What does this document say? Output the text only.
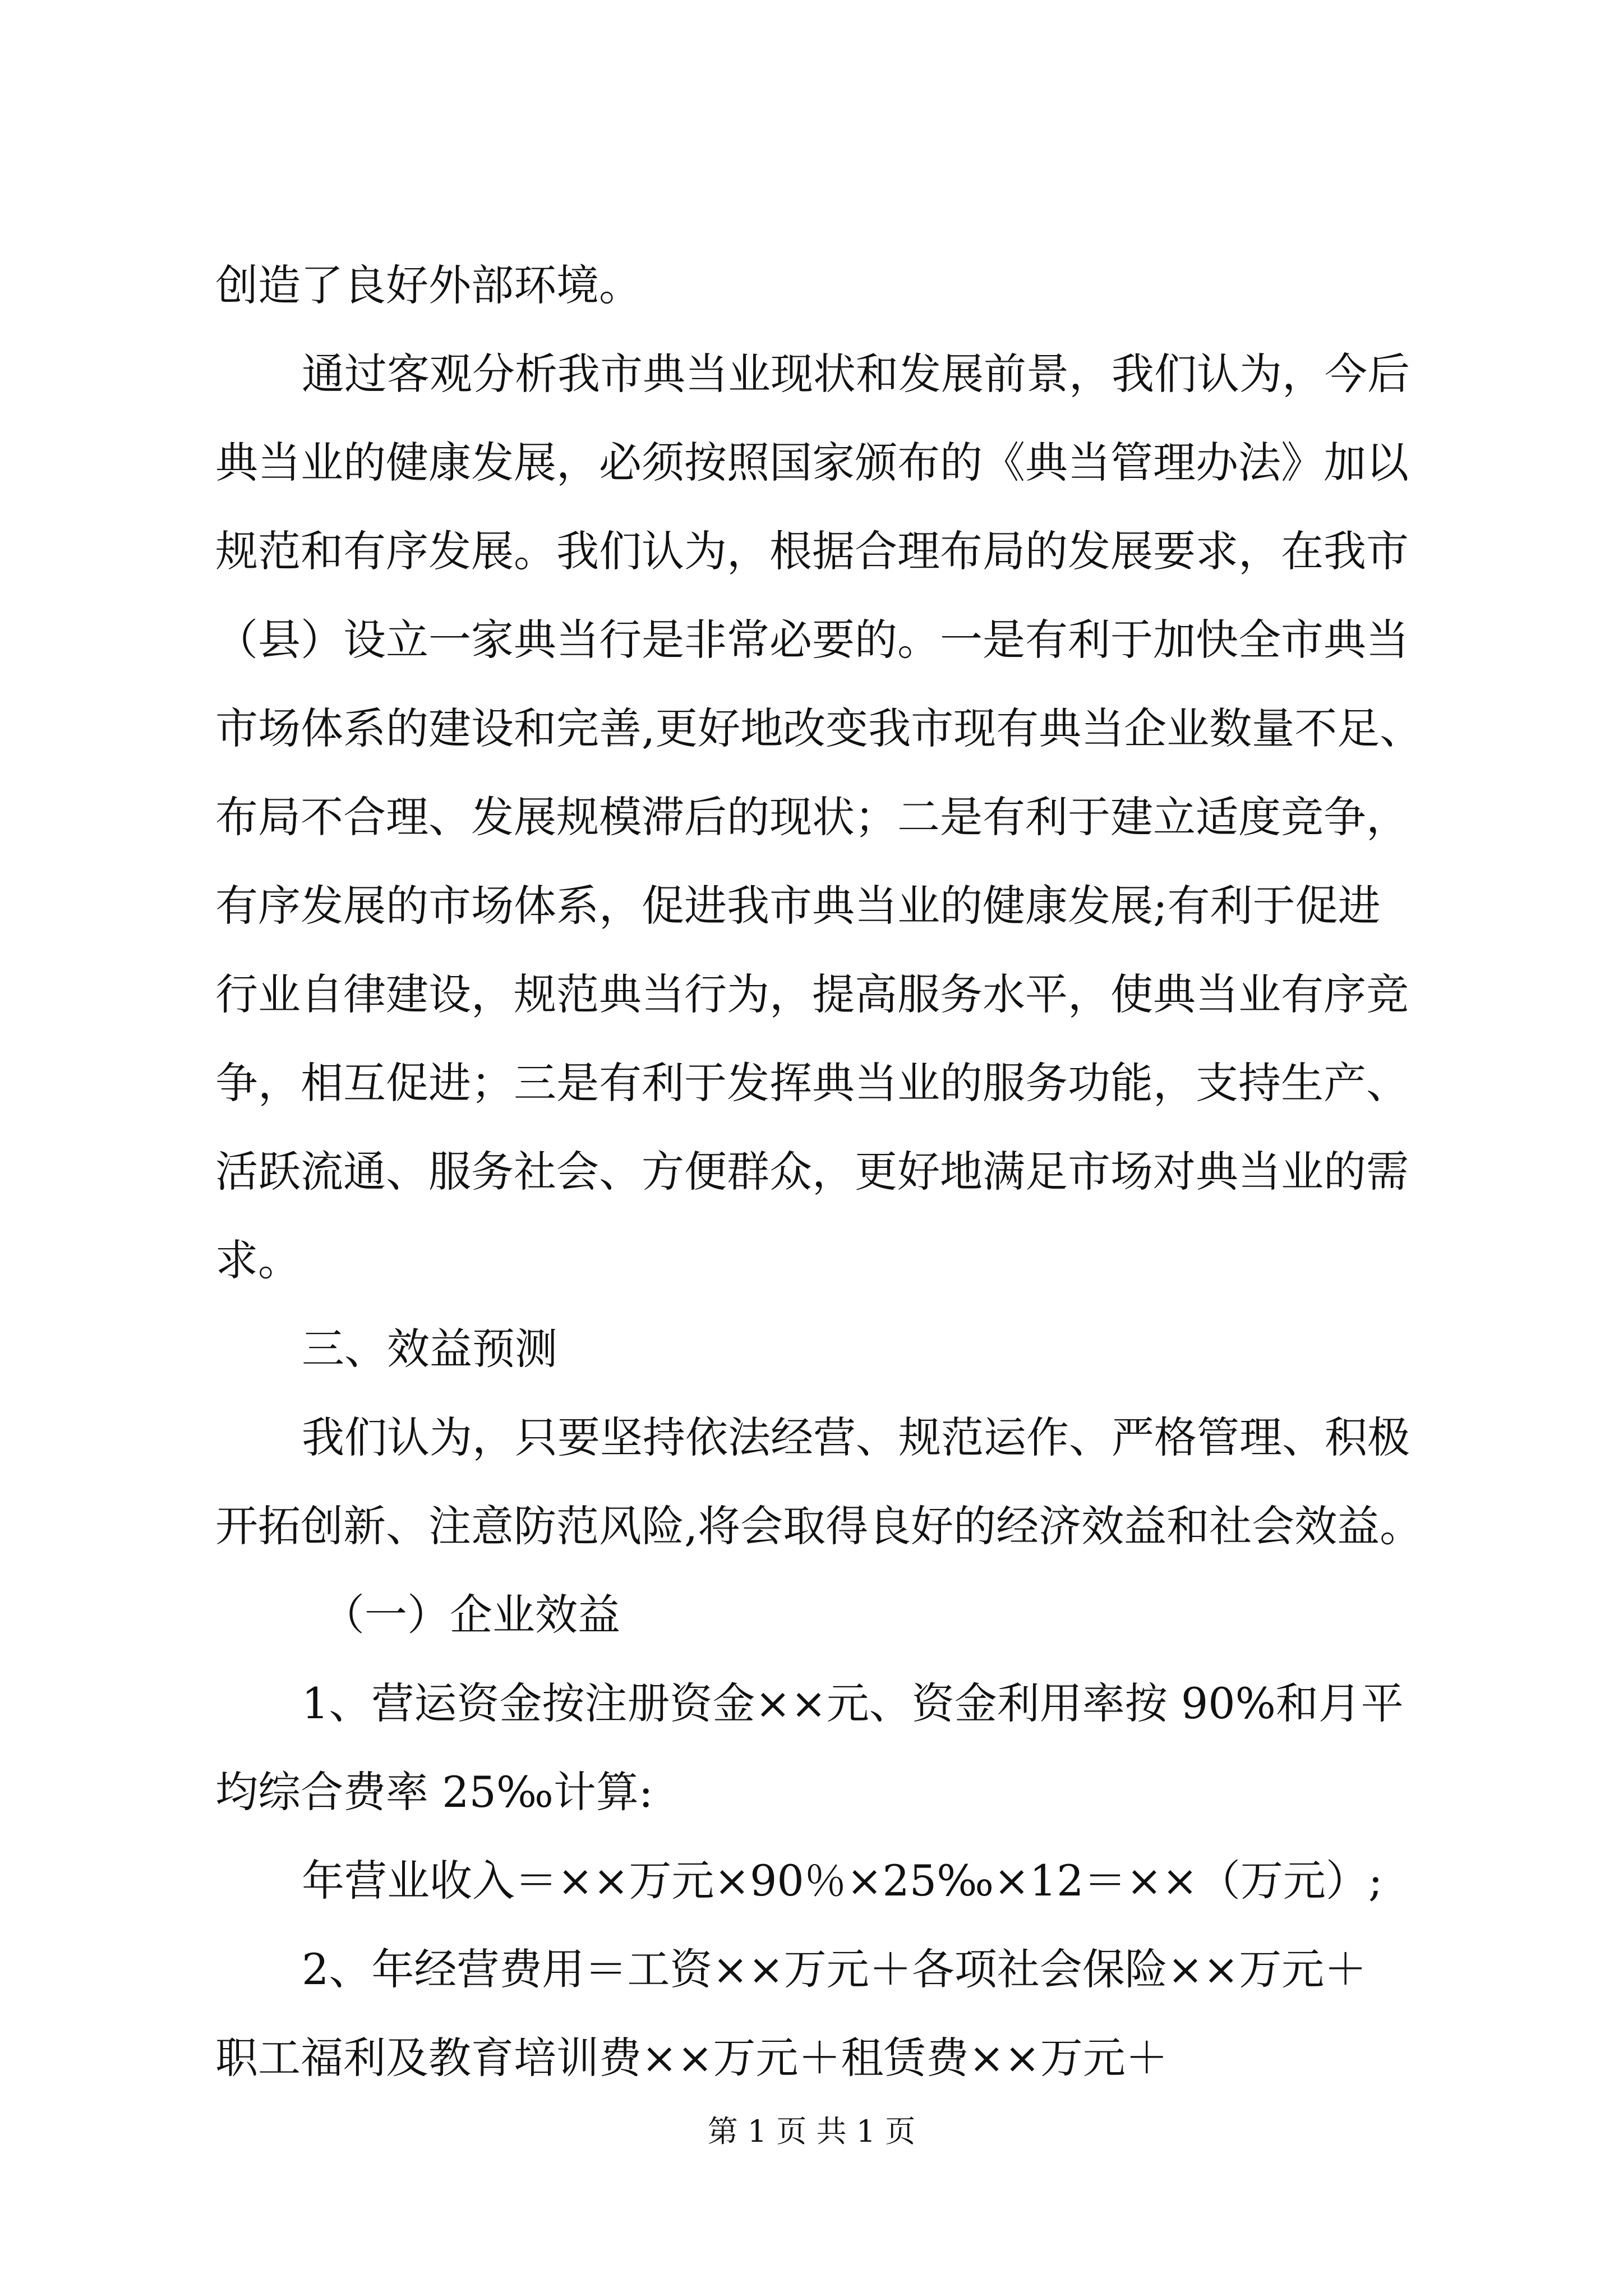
创造了良好外部环境。
通过客观分析我市典当业现状和发展前景，我们认为，今后
典当业的健康发展，必须按照国家颁布的《典当管理办法》加以
规范和有序发展。我们认为，根据合理布局的发展要求，在我市
（县）设立一家典当行是非常必要的。一是有利于加快全市典当
市场体系的建设和完善,更好地改变我市现有典当企业数量不足、
布局不合理、发展规模滞后的现状；二是有利于建立适度竞争，
有序发展的市场体系，促进我市典当业的健康发展;有利于促进
行业自律建设，规范典当行为，提高服务水平，使典当业有序竞
争，相互促进；三是有利于发挥典当业的服务功能，支持生产、
活跃流通、服务社会、方便群众，更好地满足市场对典当业的需
求。
三、效益预测
我们认为，只要坚持依法经营、规范运作、严格管理、积极
开拓创新、注意防范风险,将会取得良好的经济效益和社会效益。
（一）企业效益
1、营运资金按注册资金××元、资金利用率按 90%和月平
均综合费率 25‰计算:
年营业收入＝××万元×90％×25‰×12＝××（万元）;
2、年经营费用＝工资××万元＋各项社会保险××万元＋
职工福利及教育培训费××万元＋租赁费××万元＋
第 1 页 共 1 页
